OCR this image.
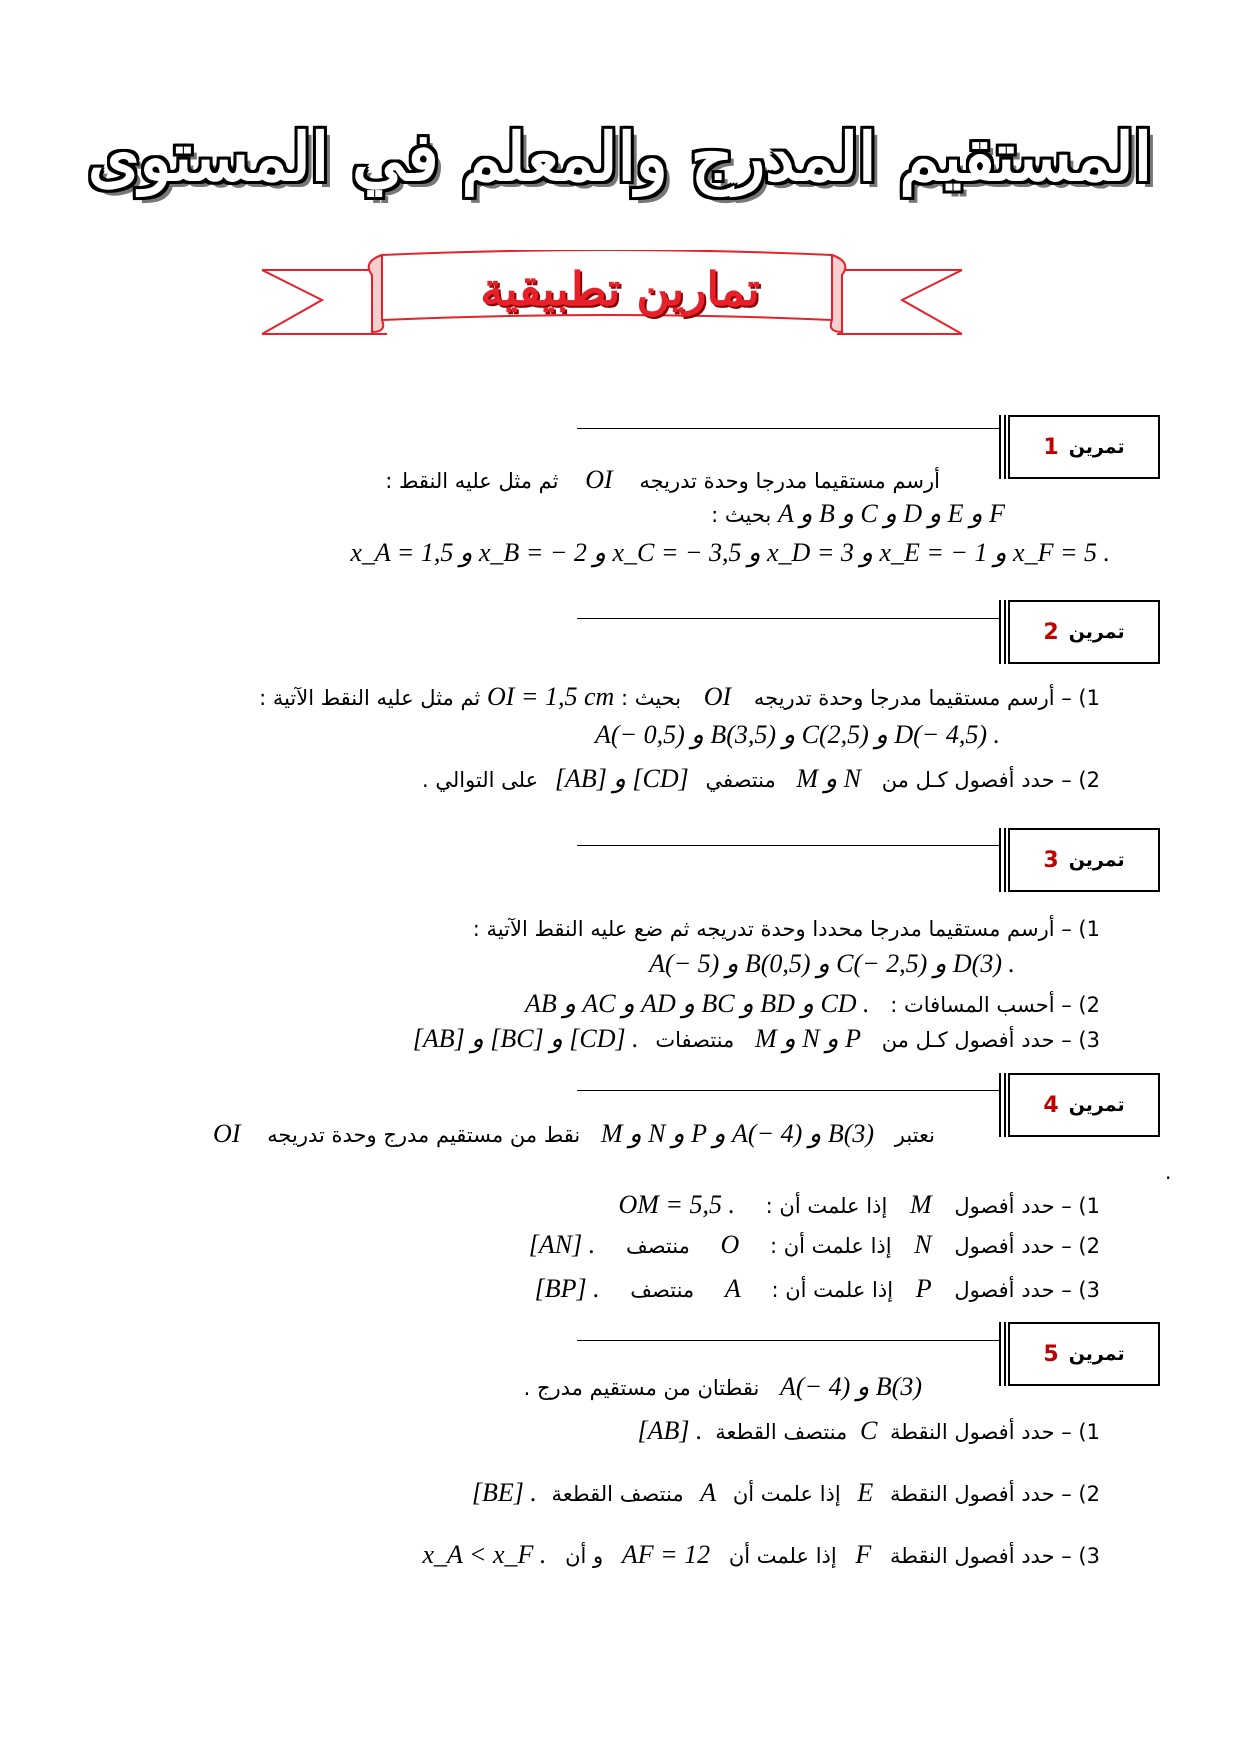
المستقيم المدرج والمعلم في المستوى
تمارين تطبيقية
تمرين
1
أرسم مستقيما مدرجا وحدة تدريجه OI ثم مثل عليه النقط :
A و B و C و D و E و F بحيث :
x_A = 1,5 و x_B = − 2 و x_C = − 3,5 و x_D = 3 و x_E = − 1 و x_F = 5 .
تمرين
2
1) – أرسم مستقيما مدرجا وحدة تدريجه OI بحيث : OI = 1,5 cm ثم مثل عليه النقط الآتية :
A(− 0,5) و B(3,5) و C(2,5) و D(− 4,5) .
2) – حدد أفصول كـل من M و N منتصفي [AB] و [CD] على التوالي .
تمرين
3
1) – أرسم مستقيما مدرجا محددا وحدة تدريجه ثم ضع عليه النقط الآتية :
A(− 5) و B(0,5) و C(− 2,5) و D(3) .
2) – أحسب المسافات : AB و AC و AD و BC و BD و CD .
3) – حدد أفصول كـل من M و N و P منتصفات [AB] و [BC] و [CD] .
تمرين
4
نعتبر M و N و P و A(− 4) و B(3) نقط من مستقيم مدرج وحدة تدريجه OI
.
1) – حدد أفصول M إذا علمت أن : OM = 5,5 .
2) – حدد أفصول N إذا علمت أن : O منتصف [AN] .
3) – حدد أفصول P إذا علمت أن : A منتصف [BP] .
تمرين
5
A(− 4) و B(3) نقطتان من مستقيم مدرج .
1) – حدد أفصول النقطة C منتصف القطعة [AB] .
2) – حدد أفصول النقطة E إذا علمت أن A منتصف القطعة [BE] .
3) – حدد أفصول النقطة F إذا علمت أن AF = 12 و أن x_A < x_F .
